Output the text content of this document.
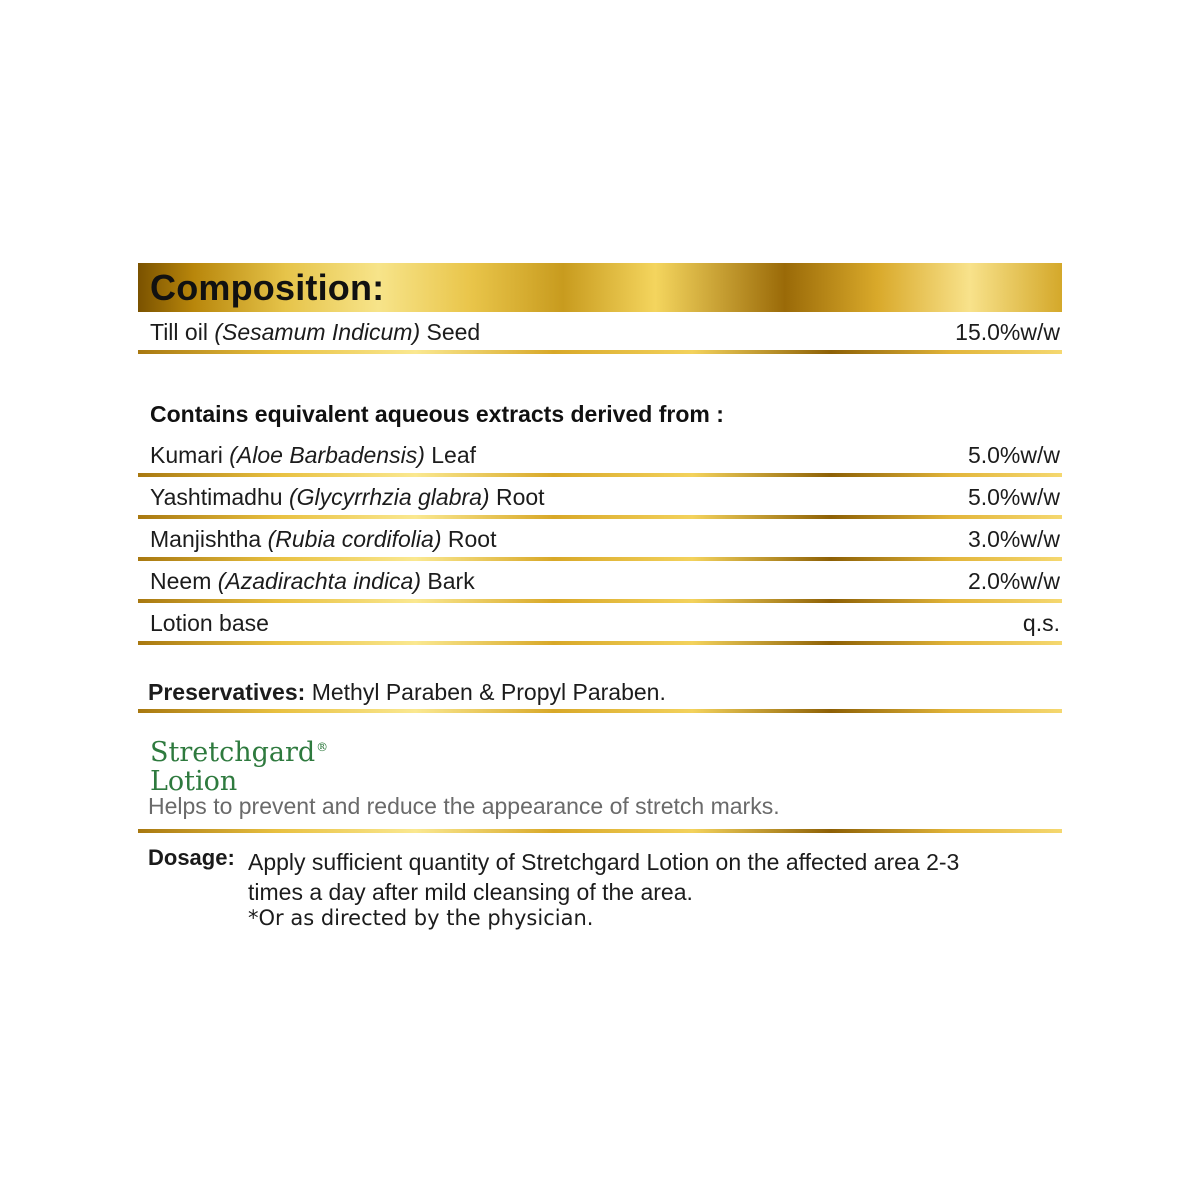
Composition:
Till oil (Sesamum Indicum) Seed	15.0%w/w
Contains equivalent aqueous extracts derived from :
Kumari (Aloe Barbadensis) Leaf	5.0%w/w
Yashtimadhu (Glycyrrhzia glabra) Root	5.0%w/w
Manjishtha (Rubia cordifolia) Root	3.0%w/w
Neem (Azadirachta indica) Bark	2.0%w/w
Lotion base	q.s.
Preservatives: Methyl Paraben & Propyl Paraben.
Stretchgard®
Lotion
Helps to prevent and reduce the appearance of stretch marks.
Dosage: Apply sufficient quantity of Stretchgard Lotion on the affected area 2-3
times a day after mild cleansing of the area.
*Or as directed by the physician.
